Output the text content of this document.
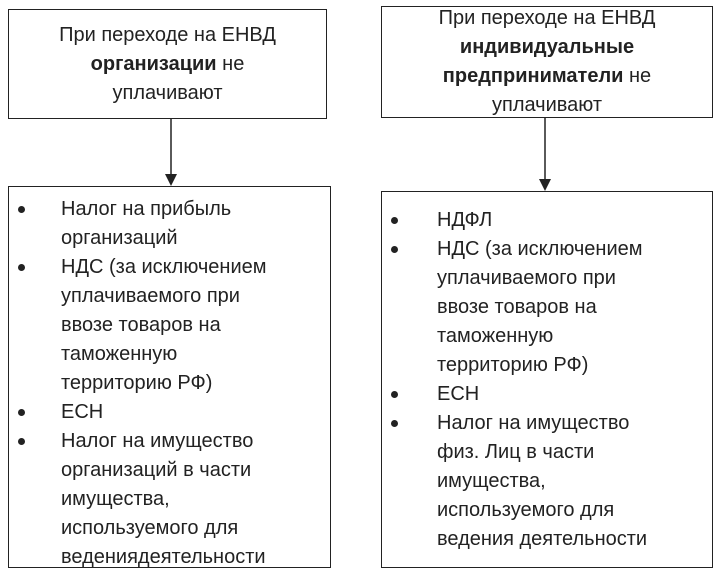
При переходе на ЕНВД

организации не

уплачивают

При переходе на ЕНВД

индивидуальные

предприниматели не

уплачивают

Налог на прибыль
организаций
НДС (за исключением
уплачиваемого при
ввозе товаров на
таможенную
территорию РФ)
ЕСН
Налог на имущество
организаций в части
имущества,
используемого для
ведениядеятельности
НДФЛ
НДС (за исключением
уплачиваемого при
ввозе товаров на
таможенную
территорию РФ)
ЕСН
Налог на имущество
физ. Лиц в части
имущества,
используемого для
ведения деятельности
